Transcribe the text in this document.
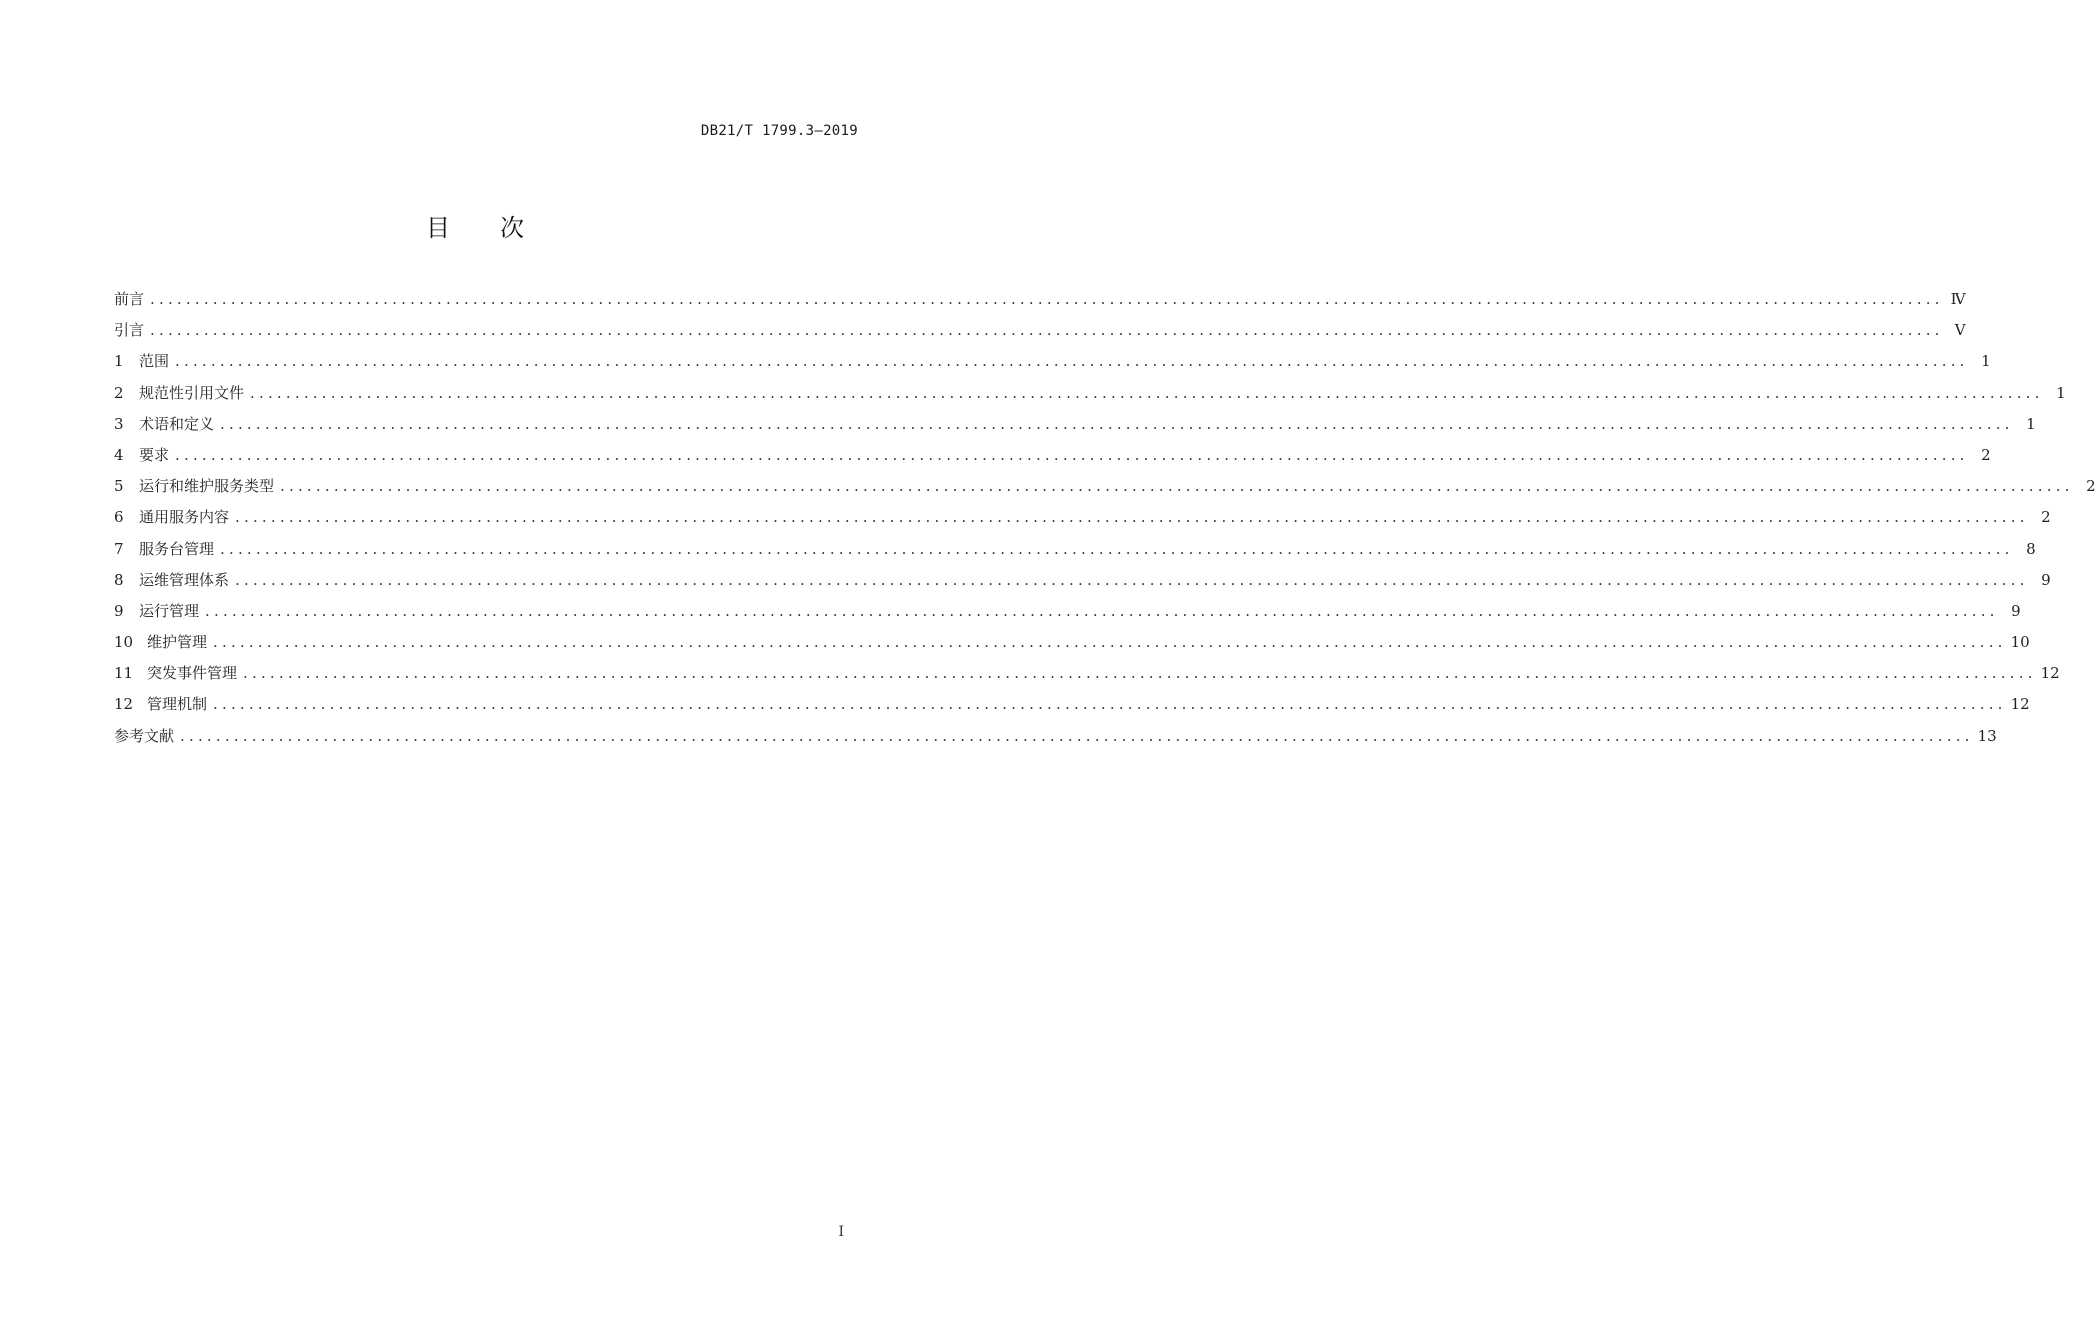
DB21/T 1799.3—2019
目次
前言 ........................................................................................................................................................................................................ Ⅳ
引言 ........................................................................................................................................................................................................ Ⅴ
1	范围 ........................................................................................................................................................................................................ 1
2	规范性引用文件 ........................................................................................................................................................................................................ 1
3	术语和定义 ........................................................................................................................................................................................................ 1
4	要求 ........................................................................................................................................................................................................ 2
5	运行和维护服务类型 ........................................................................................................................................................................................................ 2
6	通用服务内容 ........................................................................................................................................................................................................ 2
7	服务台管理 ........................................................................................................................................................................................................ 8
8	运维管理体系 ........................................................................................................................................................................................................ 9
9	运行管理 ........................................................................................................................................................................................................ 9
10 维护管理 ........................................................................................................................................................................................................ 10
11 突发事件管理 ........................................................................................................................................................................................................ 12
12 管理机制 ........................................................................................................................................................................................................ 12
参考文献 ........................................................................................................................................................................................................ 13
I
